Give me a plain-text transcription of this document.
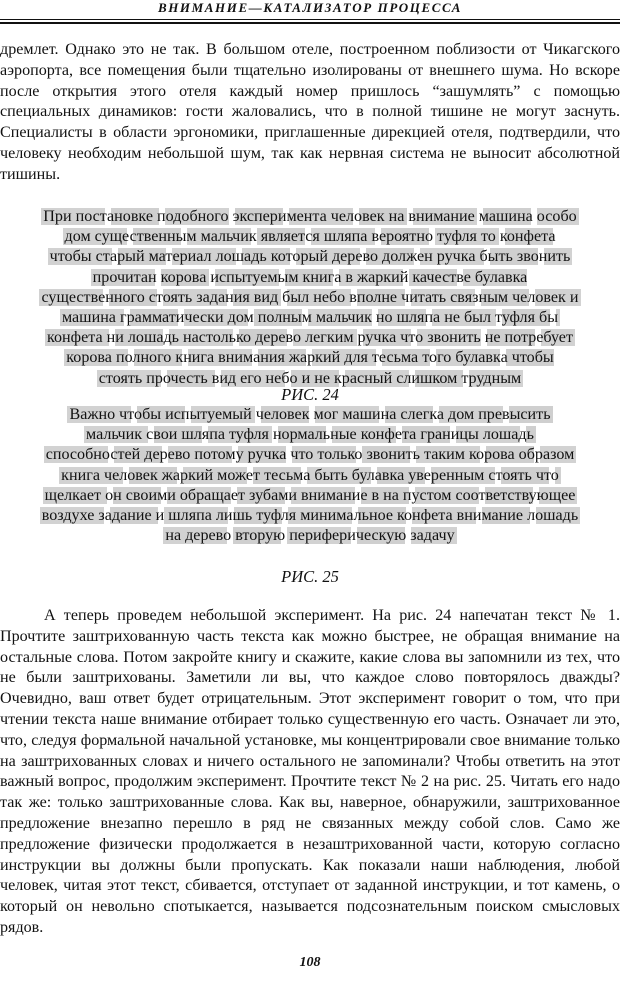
ВНИМАНИЕ—КАТАЛИЗАТОР ПРОЦЕССА

дремлет. Однако это не так. В большом отеле, построенном поблизости от Чикагского аэропорта, все помещения были тщательно изолированы от внешнего шума. Но вскоре после открытия этого отеля каждый номер пришлось “зашумлять” с помощью специальных динамиков: гости жаловались, что в полной тишине не могут заснуть. Специалисты в области эргономики, приглашенные дирекцией отеля, подтвердили, что человеку необходим небольшой шум, так как нервная система не выносит абсолютной тишины.

При постановке подобного эксперимента человек на внимание машина особо
дом существенным мальчик является шляпа вероятно туфля то конфета
чтобы старый материал лошадь который дерево должен ручка быть звонить
прочитан корова испытуемым книга в жаркий качестве булавка
существенного стоять задания вид был небо вполне читать связным человек и
машина грамматически дом полным мальчик но шляпа не был туфля бы
конфета ни лошадь настолько дерево легким ручка что звонить не потребует
корова полного книга внимания жаркий для тесьма того булавка чтобы
стоять прочесть вид его небо и не красный слишком трудным
РИС. 24
Важно чтобы испытуемый человек мог машина слегка дом превысить
мальчик свои шляпа туфля нормальные конфета границы лошадь
способностей дерево потому ручка что только звонить таким корова образом
книга человек жаркий может тесьма быть булавка уверенным стоять что
щелкает он своими обращает зубами внимание в на пустом соответствующее
воздухе задание и шляпа лишь туфля минимальное конфета внимание лошадь
на дерево вторую периферическую задачу
РИС. 25

А теперь проведем небольшой эксперимент. На рис. 24 напечатан текст № 1. Прочтите заштрихованную часть текста как можно быстрее, не обращая внимание на остальные слова. Потом закройте книгу и скажите, какие слова вы запомнили из тех, что не были заштрихованы. Заметили ли вы, что каждое слово повторялось дважды? Очевидно, ваш ответ будет отрицательным. Этот эксперимент говорит о том, что при чтении текста наше внимание отбирает только существенную его часть. Означает ли это, что, следуя формальной начальной установке, мы концентрировали свое внимание только на заштрихованных словах и ничего остального не запоминали? Чтобы ответить на этот важный вопрос, продолжим эксперимент. Прочтите текст № 2 на рис. 25. Читать его надо так же: только заштрихованные слова. Как вы, наверное, обнаружили, заштрихованное предложение внезапно перешло в ряд не связанных между собой слов. Само же предложение физически продолжается в незаштрихованной части, которую согласно инструкции вы должны были пропускать. Как показали наши наблюдения, любой человек, читая этот текст, сбивается, отступает от заданной инструкции, и тот камень, о который он невольно спотыкается, называется подсознательным поиском смысловых рядов.

108
